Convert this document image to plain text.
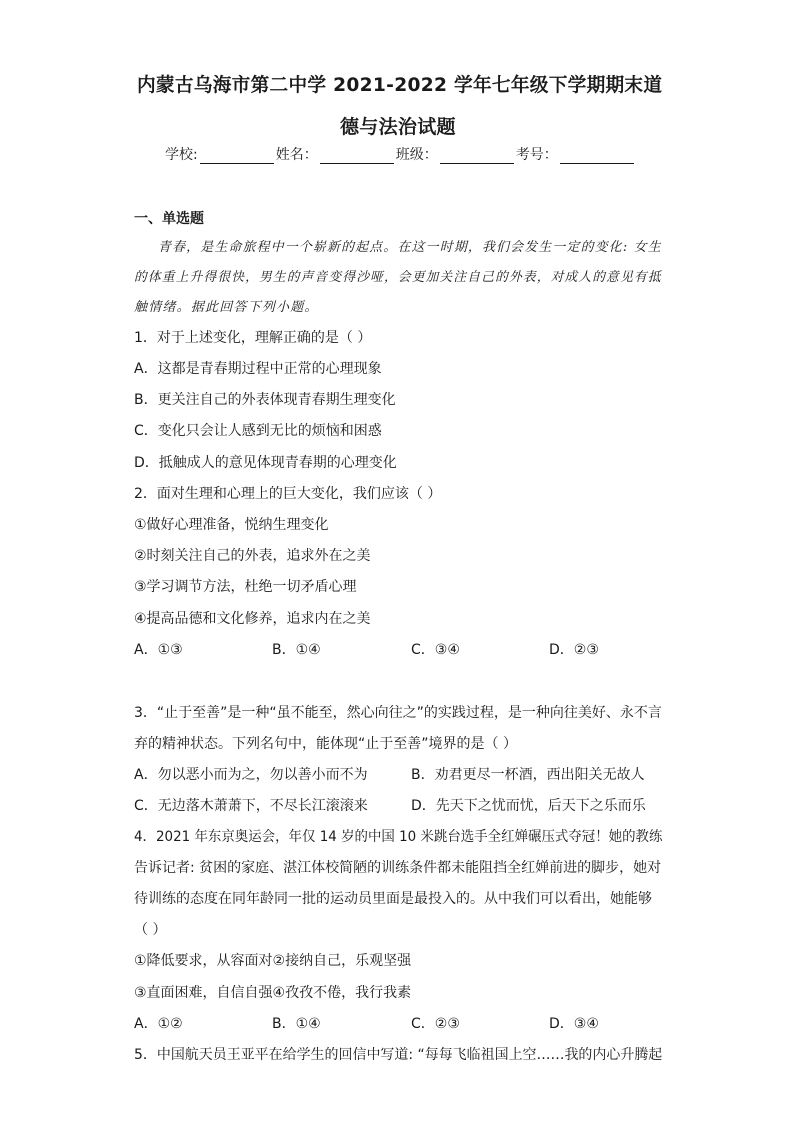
内蒙古乌海市第二中学 2021-2022 学年七年级下学期期末道
德与法治试题
学校:	姓名：	班级：	考号：
一、单选题
青春，是生命旅程中一个崭新的起点。在这一时期，我们会发生一定的变化: 女生
的体重上升得很快，男生的声音变得沙哑，会更加关注自己的外表，对成人的意见有抵
触情绪。据此回答下列小题。
1．对于上述变化，理解正确的是（ ）
A．这都是青春期过程中正常的心理现象
B．更关注自己的外表体现青春期生理变化
C．变化只会让人感到无比的烦恼和困惑
D．抵触成人的意见体现青春期的心理变化
2．面对生理和心理上的巨大变化，我们应该（ ）
①做好心理准备，悦纳生理变化
②时刻关注自己的外表，追求外在之美
③学习调节方法，杜绝一切矛盾心理
④提高品德和文化修养，追求内在之美
A．①③	B．①④	C．③④	D．②③
3．“止于至善”是一种“虽不能至，然心向往之”的实践过程，是一种向往美好、永不言
弃的精神状态。下列名句中，能体现“止于至善”境界的是（ ）
A．勿以恶小而为之，勿以善小而不为	B．劝君更尽一杯酒，西出阳关无故人
C．无边落木萧萧下，不尽长江滚滚来	D．先天下之忧而忧，后天下之乐而乐
4．2021 年东京奥运会，年仅 14 岁的中国 10 米跳台选手全红婵碾压式夺冠！她的教练
告诉记者: 贫困的家庭、湛江体校简陋的训练条件都未能阻挡全红婵前进的脚步，她对
待训练的态度在同年龄同一批的运动员里面是最投入的。从中我们可以看出，她能够
（ ）
①降低要求，从容面对②接纳自己，乐观坚强
③直面困难，自信自强④孜孜不倦，我行我素
A．①②	B．①④	C．②③	D．③④
5．中国航天员王亚平在给学生的回信中写道: “每每飞临祖国上空……我的内心升腾起
